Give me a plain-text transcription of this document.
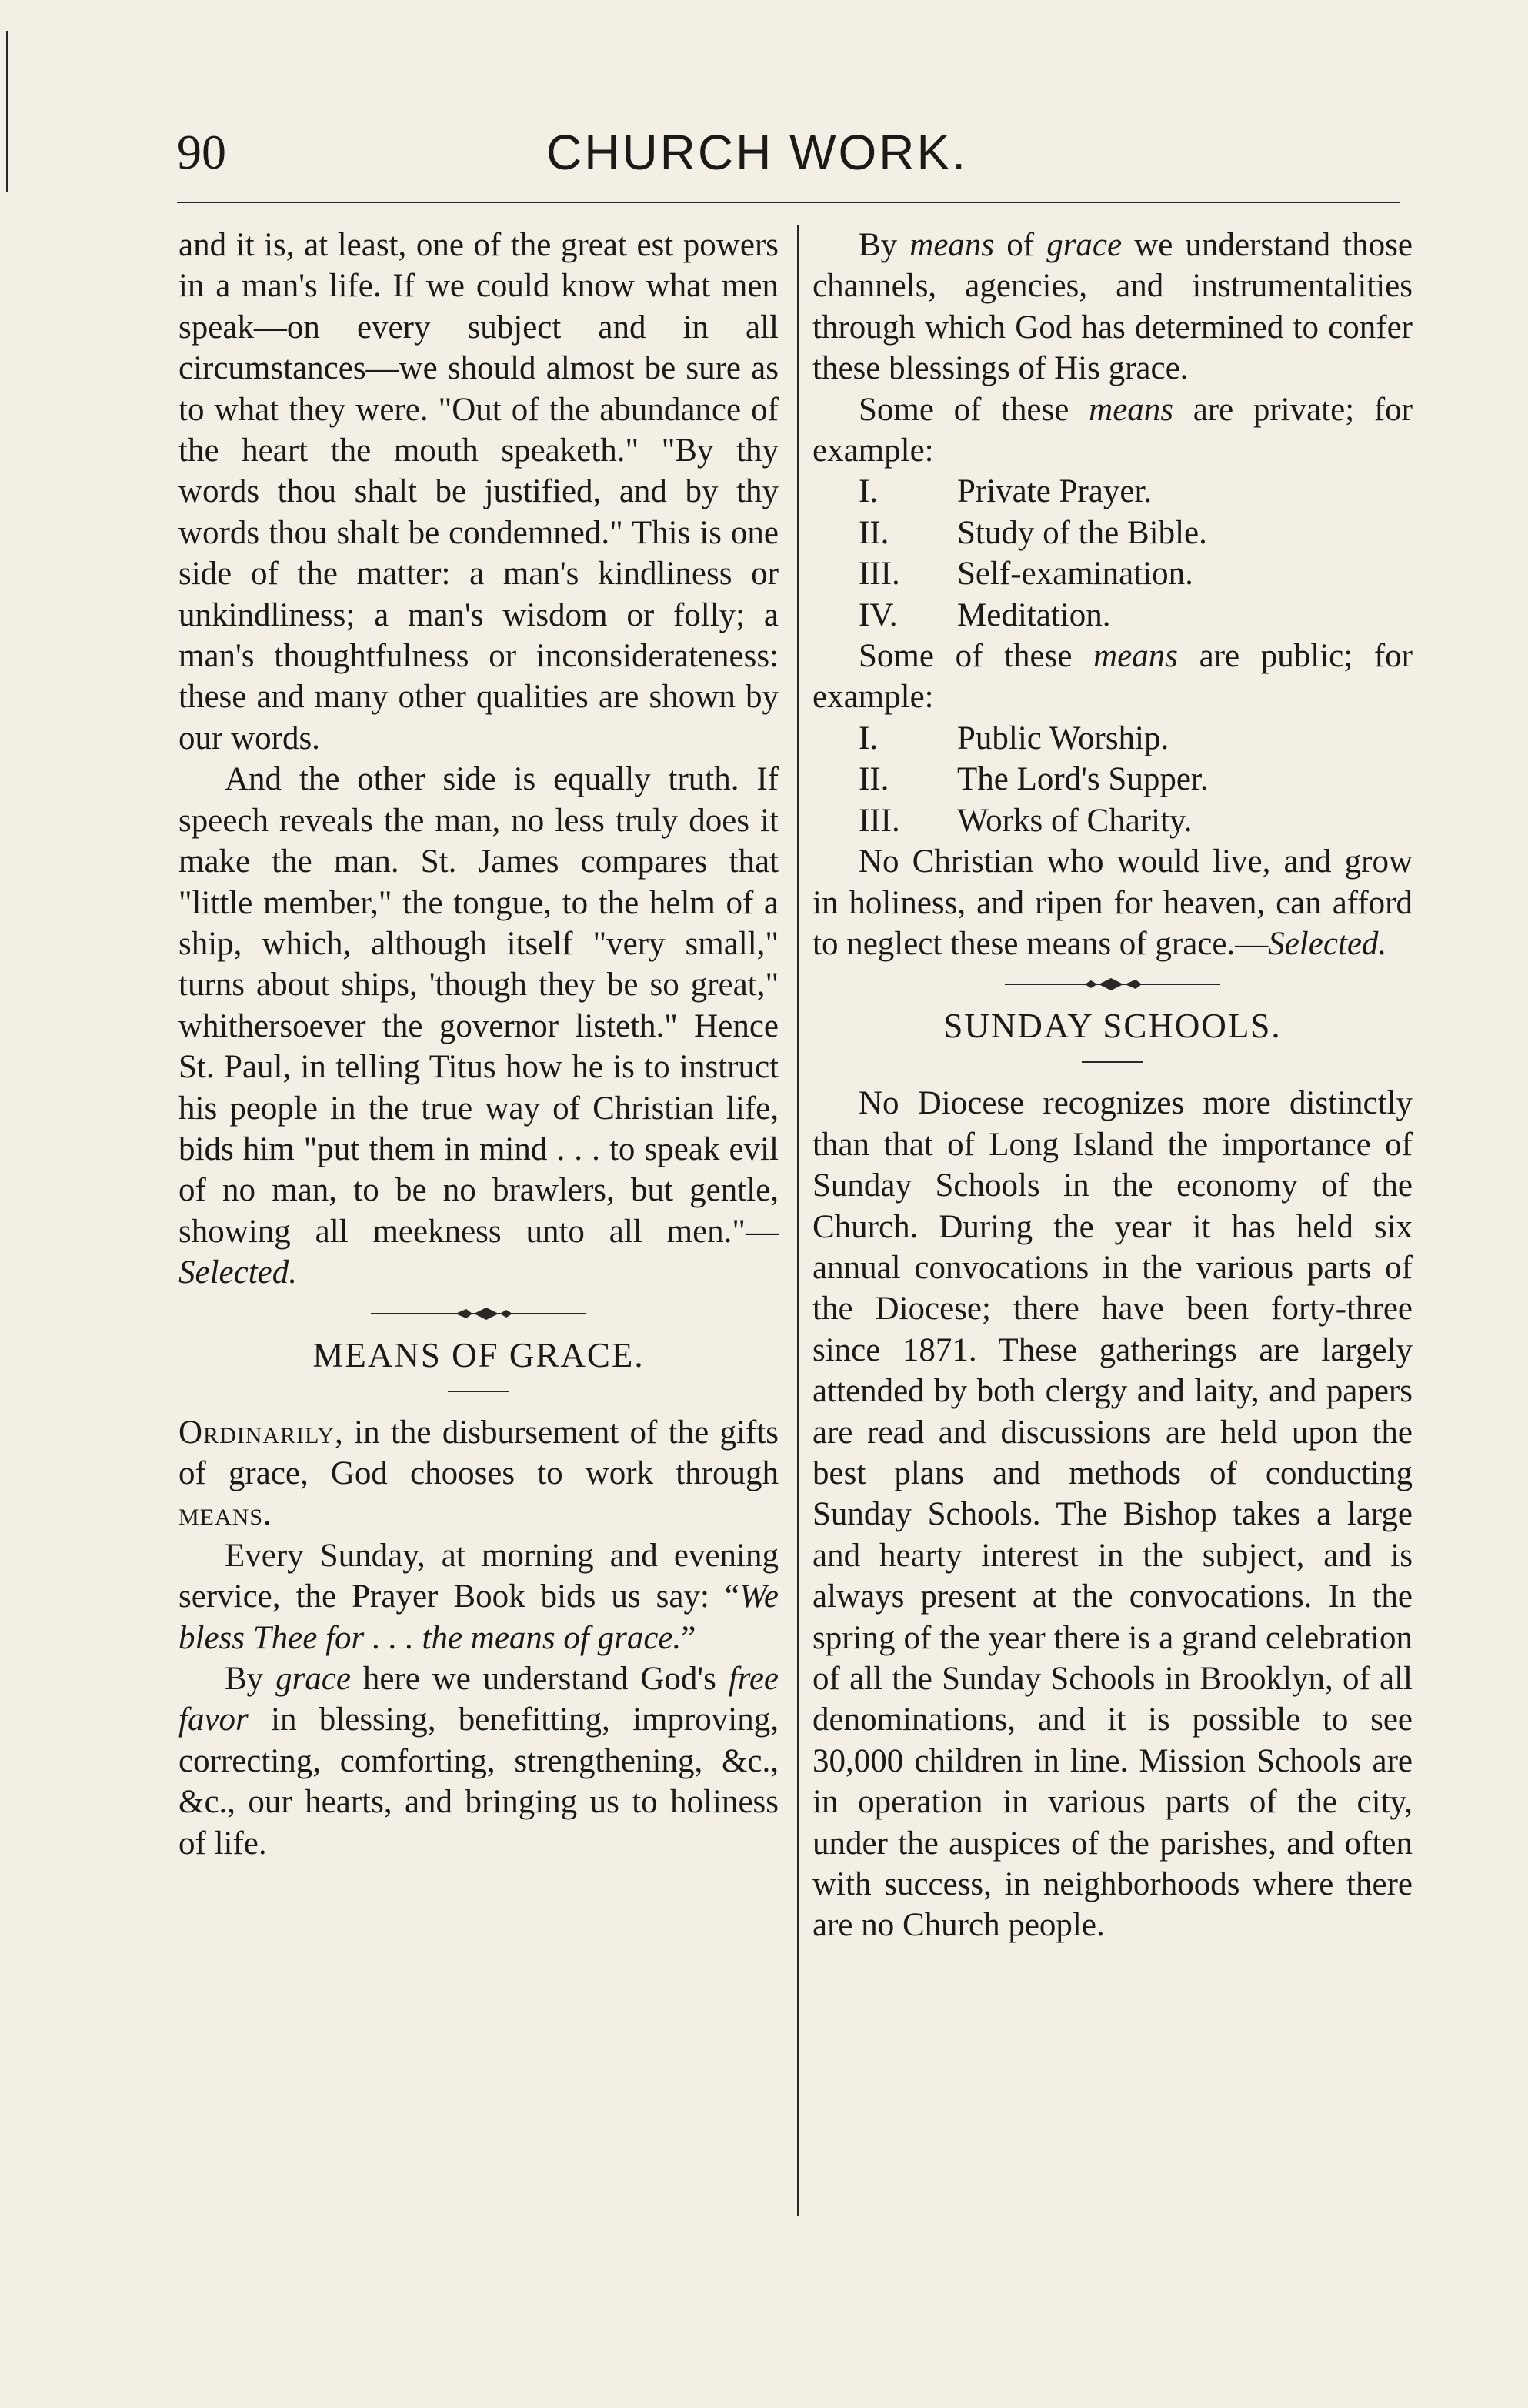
90	CHURCH WORK.

and it is, at least, one of the great est powers in a man's life. If we could know what men speak—on every subject and in all circumstances—we should almost be sure as to what they were. "Out of the abundance of the heart the mouth speaketh." "By thy words thou shalt be justified, and by thy words thou shalt be condemned." This is one side of the matter: a man's kindliness or unkindliness; a man's wisdom or folly; a man's thoughtfulness or inconsiderateness: these and many other qualities are shown by our words.

And the other side is equally truth. If speech reveals the man, no less truly does it make the man. St. James compares that "little member," the tongue, to the helm of a ship, which, although itself "very small," turns about ships, 'though they be so great," whithersoever the governor listeth." Hence St. Paul, in telling Titus how he is to instruct his people in the true way of Christian life, bids him "put them in mind . . . to speak evil of no man, to be no brawlers, but gentle, showing all meekness unto all men."—Selected.

MEANS OF GRACE.

Ordinarily, in the disbursement of the gifts of grace, God chooses to work through means.

Every Sunday, at morning and evening service, the Prayer Book bids us say: “We bless Thee for . . . the means of grace.”

By grace here we understand God's free favor in blessing, benefitting, improving, correcting, comforting, strengthening, &c., &c., our hearts, and bringing us to holiness of life.

By means of grace we understand those channels, agencies, and instrumentalities through which God has determined to confer these blessings of His grace.

Some of these means are private; for example:

I. Private Prayer.
II. Study of the Bible.
III. Self-examination.
IV. Meditation.

Some of these means are public; for example:

I. Public Worship.
II. The Lord's Supper.
III. Works of Charity.

No Christian who would live, and grow in holiness, and ripen for heaven, can afford to neglect these means of grace.—Selected.

SUNDAY SCHOOLS.

No Diocese recognizes more distinctly than that of Long Island the importance of Sunday Schools in the economy of the Church. During the year it has held six annual convocations in the various parts of the Diocese; there have been forty-three since 1871. These gatherings are largely attended by both clergy and laity, and papers are read and discussions are held upon the best plans and methods of conducting Sunday Schools. The Bishop takes a large and hearty interest in the subject, and is always present at the convocations. In the spring of the year there is a grand celebration of all the Sunday Schools in Brooklyn, of all denominations, and it is possible to see 30,000 children in line. Mission Schools are in operation in various parts of the city, under the auspices of the parishes, and often with success, in neighborhoods where there are no Church people.
